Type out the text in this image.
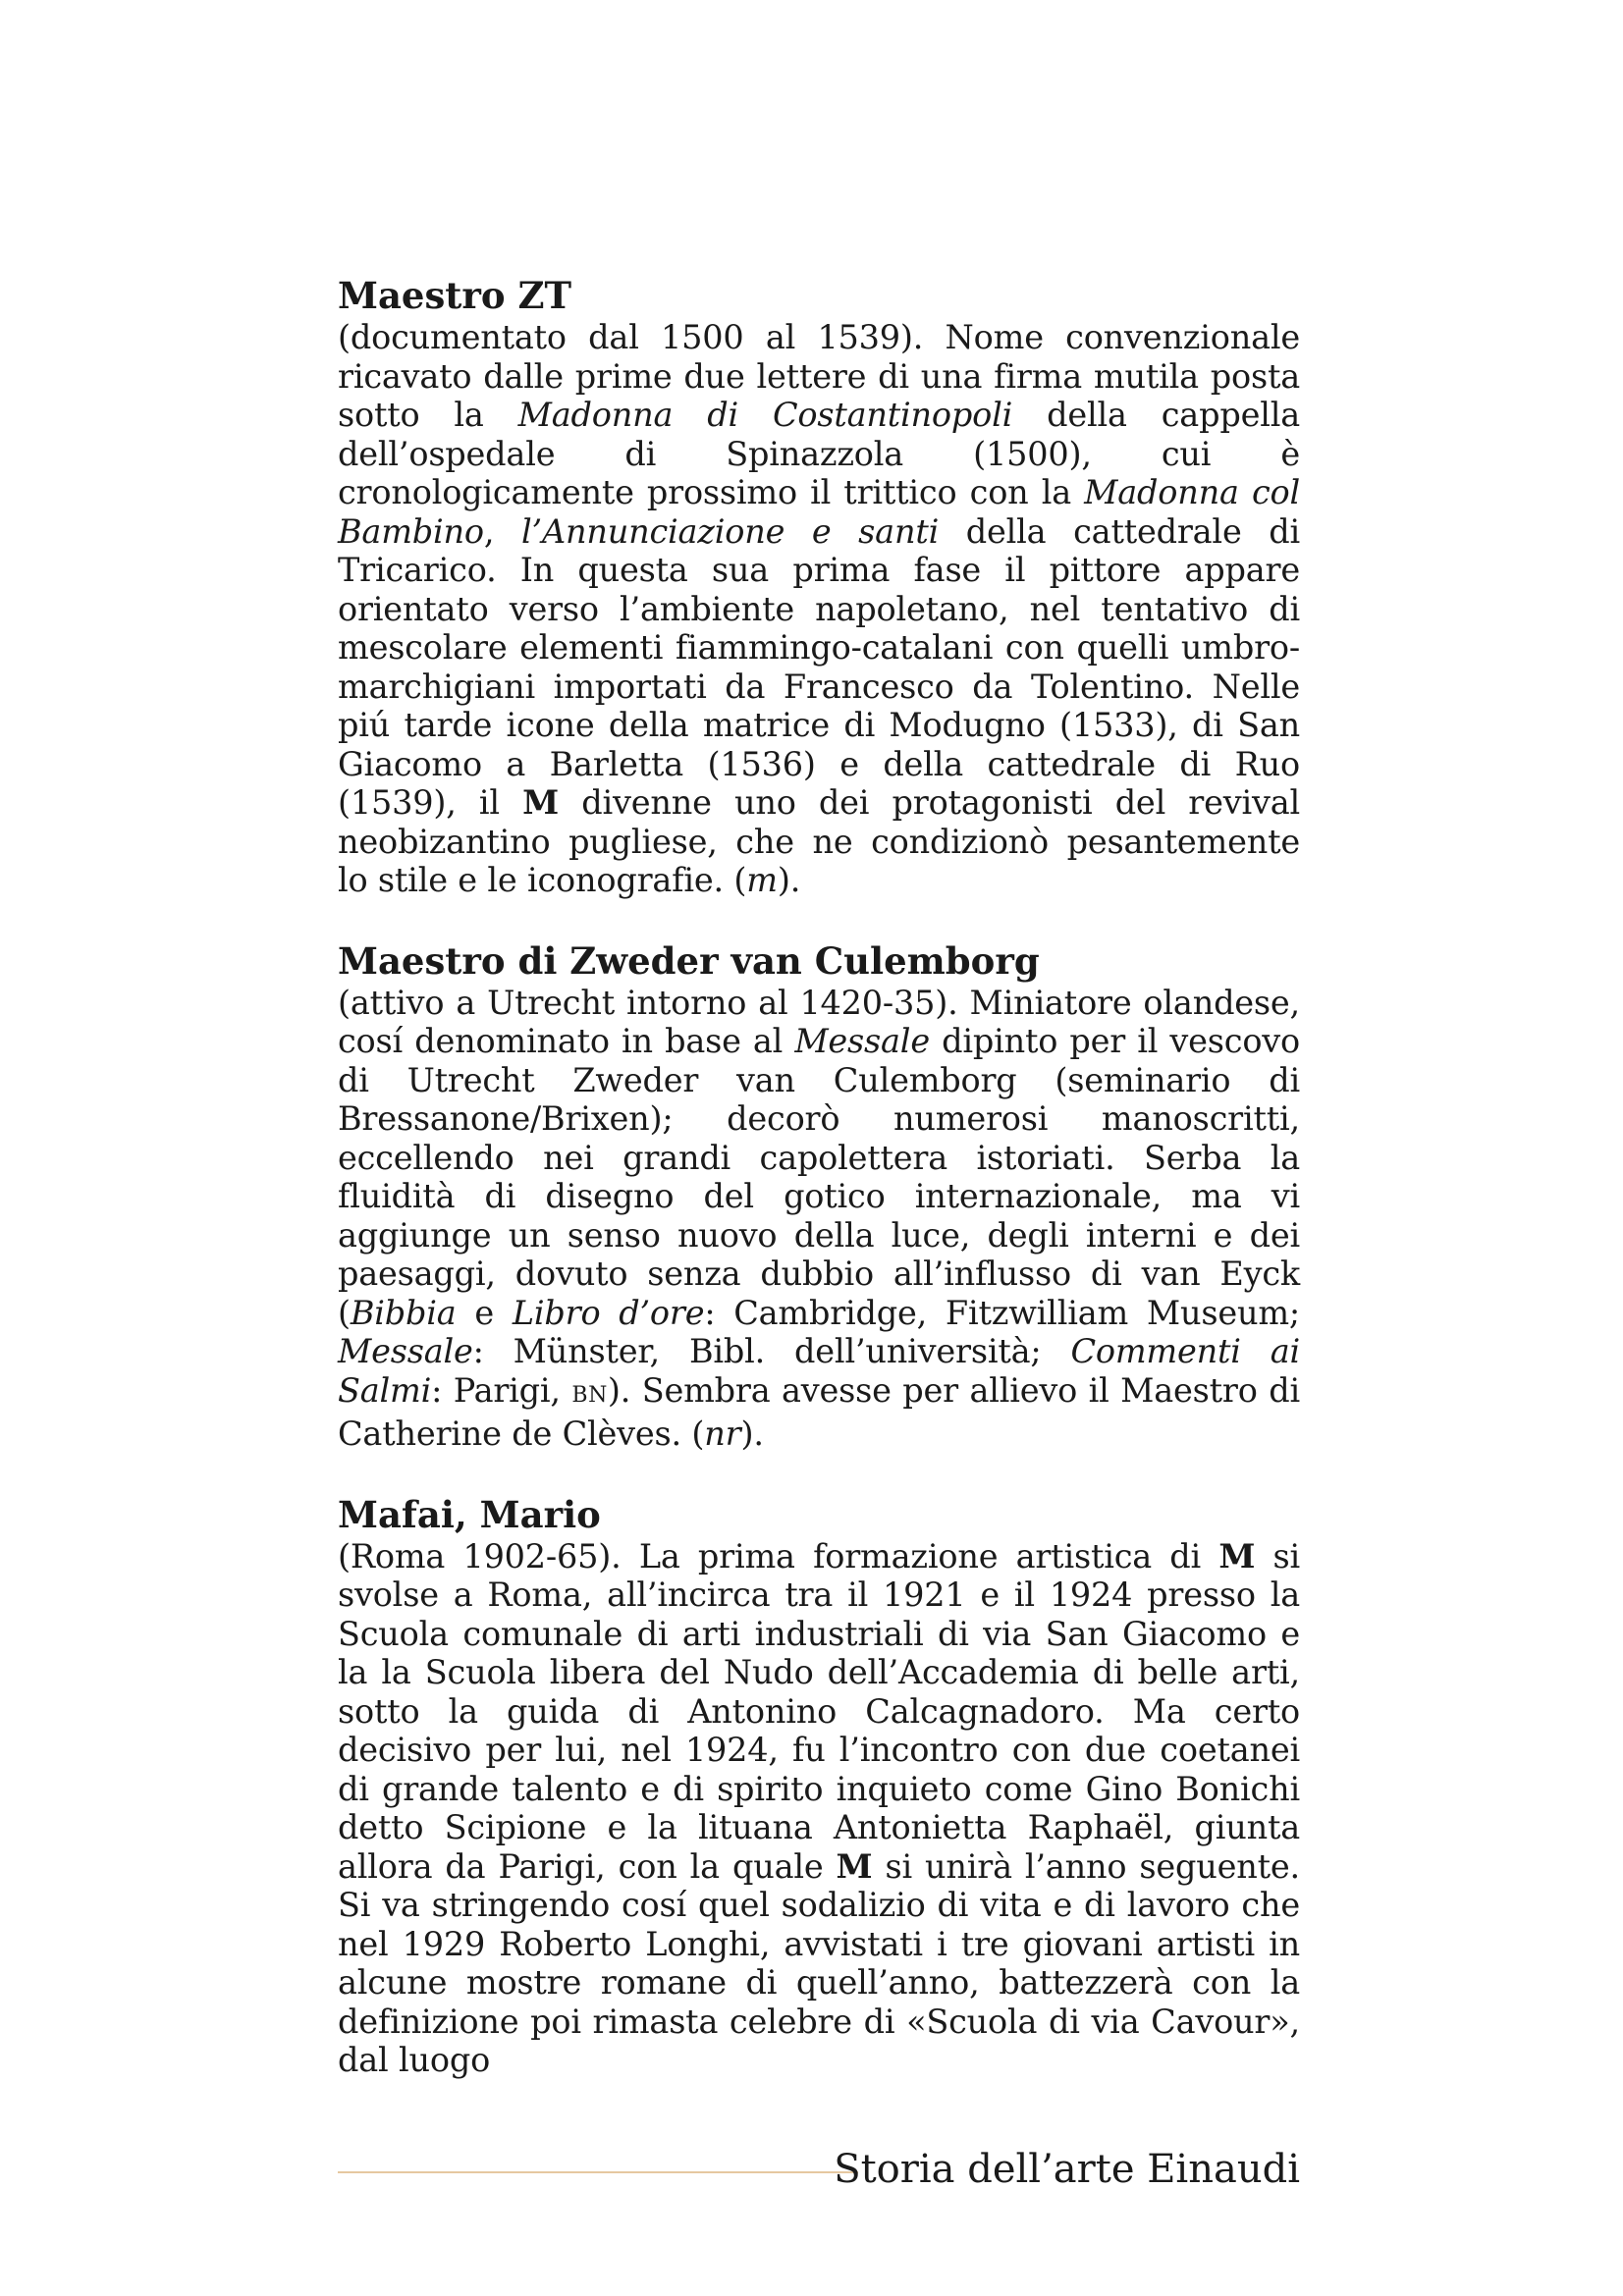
Maestro ZT

(documentato dal 1500 al 1539). Nome convenzionale ricavato dalle prime due lettere di una firma mutila posta sotto la Madonna di Costantinopoli della cappella dell’ospedale di Spinazzola (1500), cui è cronologicamente prossimo il trittico con la Madonna col Bambino, l’Annunciazione e santi della cattedrale di Tricarico. In questa sua prima fase il pittore appare orientato verso l’ambiente napoletano, nel tentativo di mescolare elementi fiammingo-catalani con quelli umbro-marchigiani importati da Francesco da Tolentino. Nelle piú tarde icone della matrice di Modugno (1533), di San Giacomo a Barletta (1536) e della cattedrale di Ruo (1539), il M divenne uno dei protagonisti del revival neobizantino pugliese, che ne condizionò pesantemente lo stile e le iconografie. (m).

Maestro di Zweder van Culemborg

(attivo a Utrecht intorno al 1420-35). Miniatore olandese, cosí denominato in base al Messale dipinto per il vescovo di Utrecht Zweder van Culemborg (seminario di Bressanone/Brixen); decorò numerosi manoscritti, eccellendo nei grandi capolettera istoriati. Serba la fluidità di disegno del gotico internazionale, ma vi aggiunge un senso nuovo della luce, degli interni e dei paesaggi, dovuto senza dubbio all’influsso di van Eyck (Bibbia e Libro d’ore: Cambridge, Fitzwilliam Museum; Messale: Münster, Bibl. dell’università; Commenti ai Salmi: Parigi, BN). Sembra avesse per allievo il Maestro di Catherine de Clèves. (nr).

Mafai, Mario

(Roma 1902-65). La prima formazione artistica di M si svolse a Roma, all’incirca tra il 1921 e il 1924 presso la Scuola comunale di arti industriali di via San Giacomo e la la Scuola libera del Nudo dell’Accademia di belle arti, sotto la guida di Antonino Calcagnadoro. Ma certo decisivo per lui, nel 1924, fu l’incontro con due coetanei di grande talento e di spirito inquieto come Gino Bonichi detto Scipione e la lituana Antonietta Raphaël, giunta allora da Parigi, con la quale M si unirà l’anno seguente. Si va stringendo cosí quel sodalizio di vita e di lavoro che nel 1929 Roberto Longhi, avvistati i tre giovani artisti in alcune mostre romane di quell’anno, battezzerà con la definizione poi rimasta celebre di «Scuola di via Cavour», dal luogo

Storia dell’arte Einaudi
